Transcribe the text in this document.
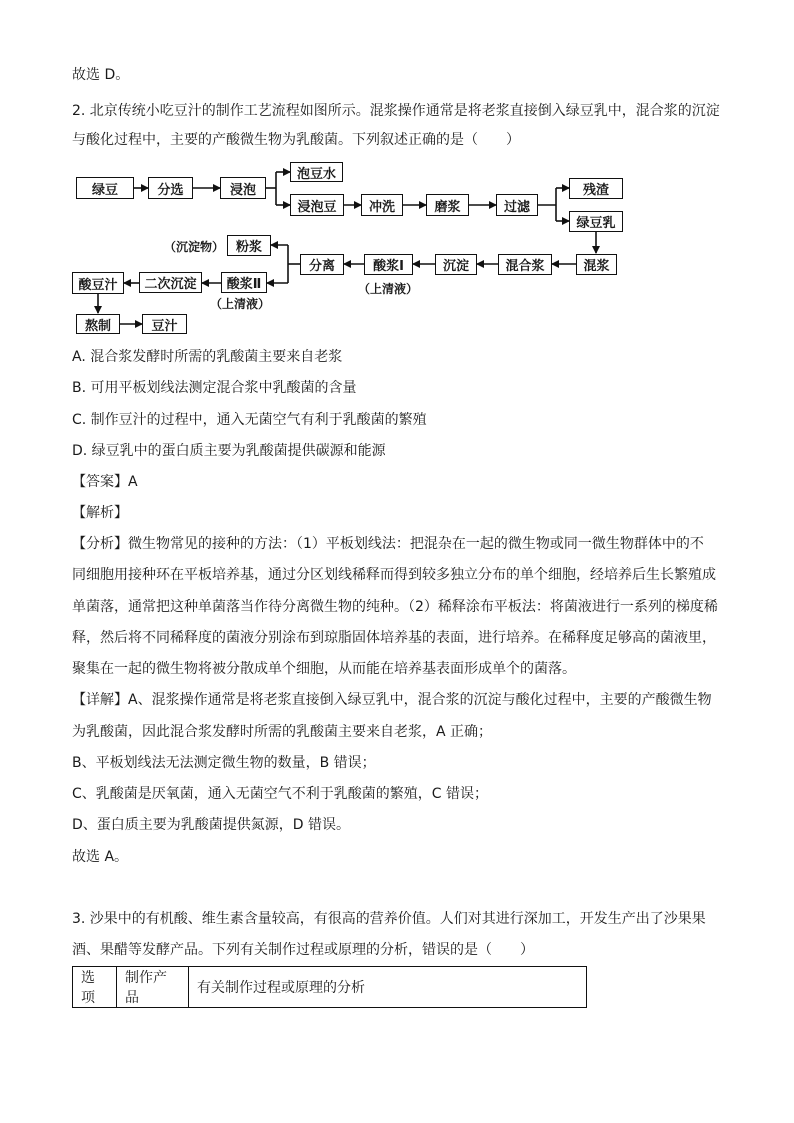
故选 D。
2. 北京传统小吃豆汁的制作工艺流程如图所示。混浆操作通常是将老浆直接倒入绿豆乳中，混合浆的沉淀
与酸化过程中，主要的产酸微生物为乳酸菌。下列叙述正确的是（　　）
绿豆	分选	浸泡
泡豆水
浸泡豆	冲洗	磨浆	过滤
残渣
绿豆乳
混浆
混合浆
沉淀
酸浆Ⅰ
分离
粉浆
酸浆Ⅱ
二次沉淀
酸豆汁
熬制	豆汁
（沉淀物）
（上清液）
（上清液）
A. 混合浆发酵时所需的乳酸菌主要来自老浆
B. 可用平板划线法测定混合浆中乳酸菌的含量
C. 制作豆汁的过程中，通入无菌空气有利于乳酸菌的繁殖
D. 绿豆乳中的蛋白质主要为乳酸菌提供碳源和能源
【答案】A
【解析】
【分析】微生物常见的接种的方法：（1）平板划线法：把混杂在一起的微生物或同一微生物群体中的不
同细胞用接种环在平板培养基，通过分区划线稀释而得到较多独立分布的单个细胞，经培养后生长繁殖成
单菌落，通常把这种单菌落当作待分离微生物的纯种。（2）稀释涂布平板法：将菌液进行一系列的梯度稀
释，然后将不同稀释度的菌液分别涂布到琼脂固体培养基的表面，进行培养。在稀释度足够高的菌液里，
聚集在一起的微生物将被分散成单个细胞，从而能在培养基表面形成单个的菌落。
【详解】A、混浆操作通常是将老浆直接倒入绿豆乳中，混合浆的沉淀与酸化过程中，主要的产酸微生物
为乳酸菌，因此混合浆发酵时所需的乳酸菌主要来自老浆，A 正确；
B、平板划线法无法测定微生物的数量，B 错误；
C、乳酸菌是厌氧菌，通入无菌空气不利于乳酸菌的繁殖，C 错误；
D、蛋白质主要为乳酸菌提供氮源，D 错误。
故选 A。
3. 沙果中的有机酸、维生素含量较高，有很高的营养价值。人们对其进行深加工，开发生产出了沙果果
酒、果醋等发酵产品。下列有关制作过程或原理的分析，错误的是（　　）
选项	制作产品	有关制作过程或原理的分析
